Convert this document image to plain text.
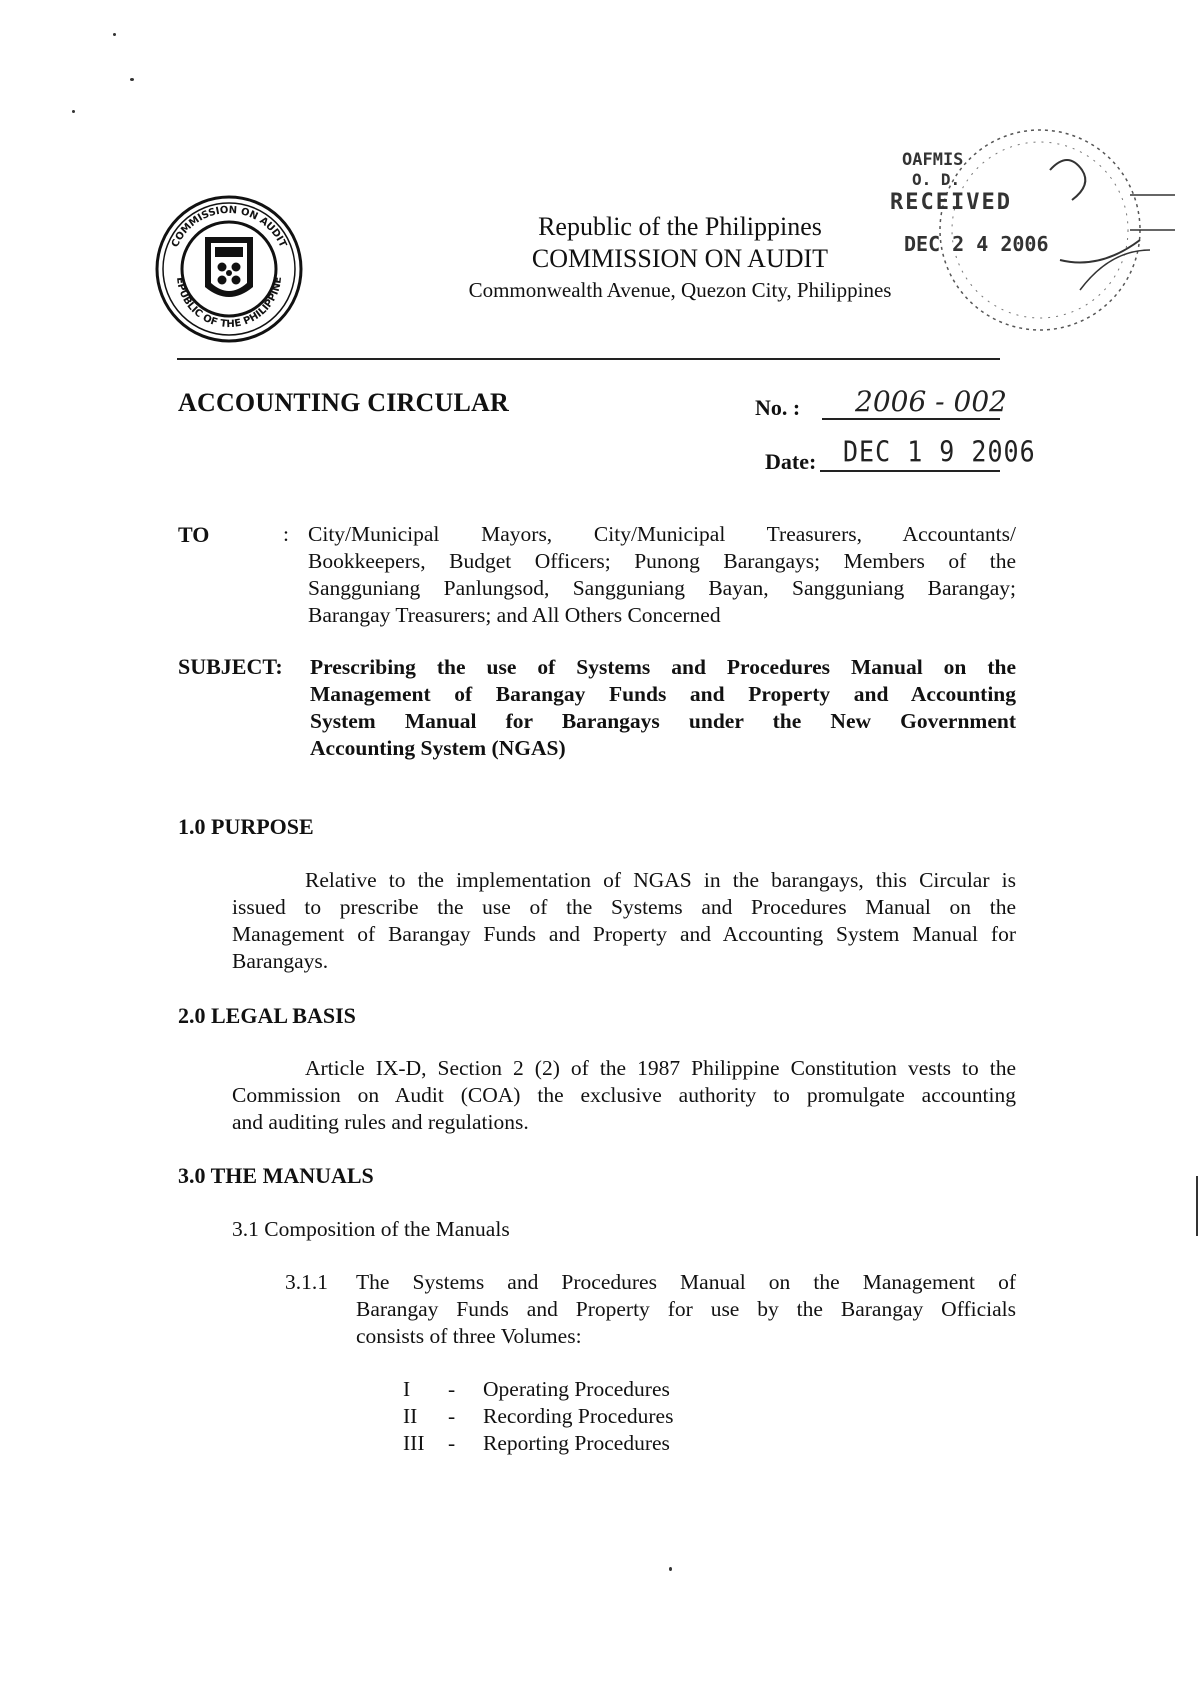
COMMISSION ON AUDIT
EPUBLIC OF THE PHILIPPINE
Republic of the Philippines
COMMISSION ON AUDIT
Commonwealth Avenue, Quezon City, Philippines
OAFMIS
O. D.
RECEIVED
DEC 2 4 2006
ACCOUNTING CIRCULAR	No. : 2006 - 002
Date: DEC 1 9 2006
TO	: City/Municipal Mayors, City/Municipal Treasurers, Accountants/
Bookkeepers, Budget Officers; Punong Barangays; Members of the
Sangguniang Panlungsod, Sangguniang Bayan, Sangguniang Barangay;
Barangay Treasurers; and All Others Concerned
SUBJECT: Prescribing the use of Systems and Procedures Manual on the
Management of Barangay Funds and Property and Accounting
System Manual for Barangays under the New Government
Accounting System (NGAS)
1.0 PURPOSE
Relative to the implementation of NGAS in the barangays, this Circular is
issued to prescribe the use of the Systems and Procedures Manual on the
Management of Barangay Funds and Property and Accounting System Manual for
Barangays.
2.0 LEGAL BASIS
Article IX-D, Section 2 (2) of the 1987 Philippine Constitution vests to the
Commission on Audit (COA) the exclusive authority to promulgate accounting
and auditing rules and regulations.
3.0 THE MANUALS
3.1 Composition of the Manuals
3.1.1 The Systems and Procedures Manual on the Management of
Barangay Funds and Property for use by the Barangay Officials
consists of three Volumes:
I - Operating Procedures
II - Recording Procedures
III - Reporting Procedures
